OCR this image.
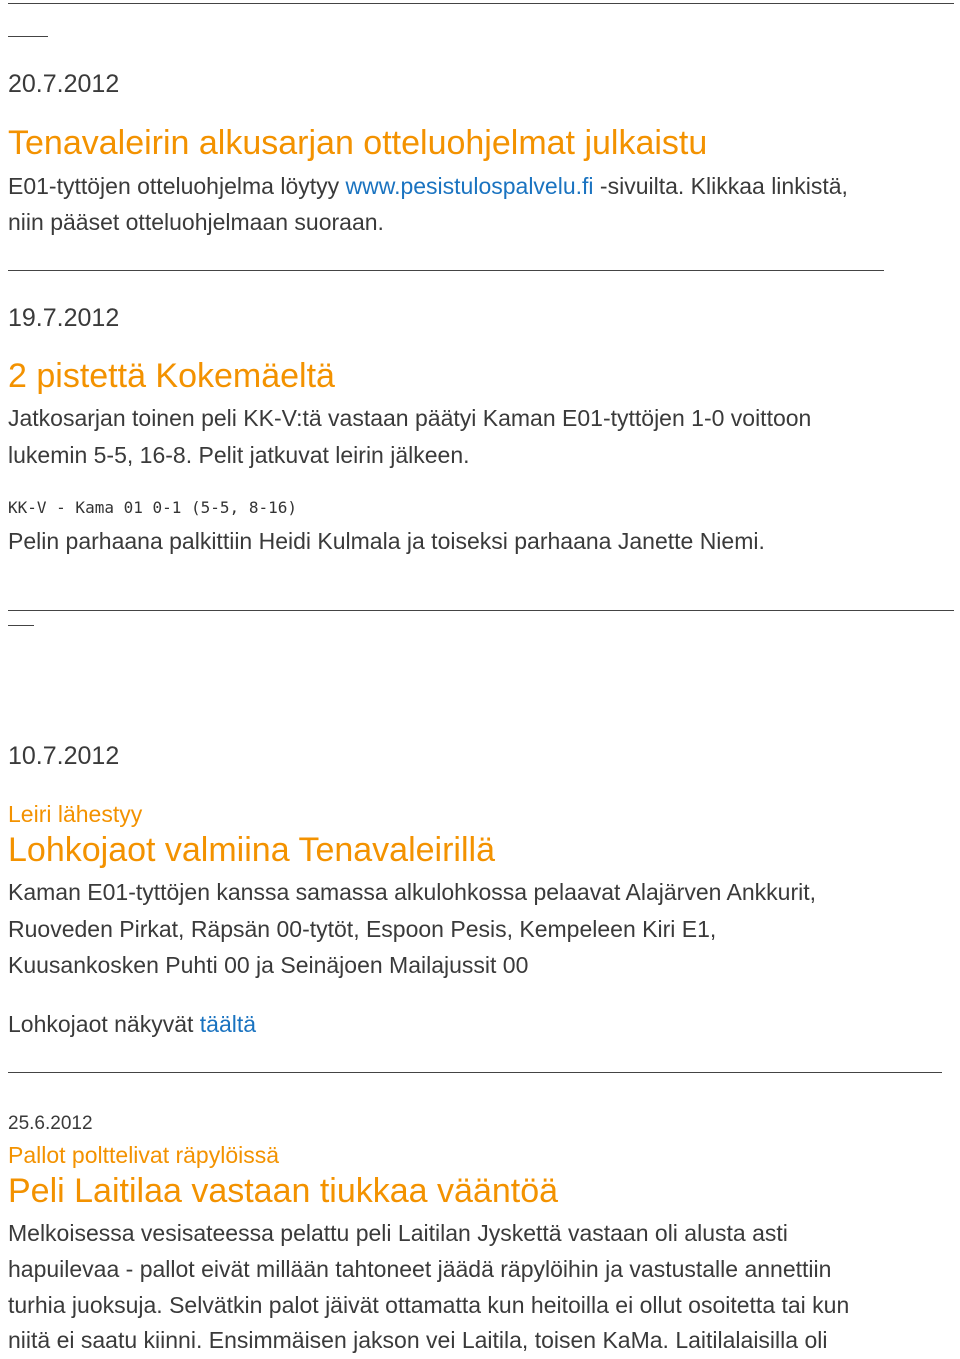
20.7.2012
Tenavaleirin alkusarjan otteluohjelmat julkaistu
E01-tyttöjen otteluohjelma löytyy www.pesistulospalvelu.fi -sivuilta. Klikkaa linkistä,
niin pääset otteluohjelmaan suoraan.
19.7.2012
2 pistettä Kokemäeltä
Jatkosarjan toinen peli KK-V:tä vastaan päätyi Kaman E01-tyttöjen 1-0 voittoon
lukemin 5-5, 16-8. Pelit jatkuvat leirin jälkeen.
KK-V - Kama 01 0-1 (5-5, 8-16)
Pelin parhaana palkittiin Heidi Kulmala ja toiseksi parhaana Janette Niemi.
10.7.2012
Leiri lähestyy
Lohkojaot valmiina Tenavaleirillä
Kaman E01-tyttöjen kanssa samassa alkulohkossa pelaavat Alajärven Ankkurit,
Ruoveden Pirkat, Räpsän 00-tytöt, Espoon Pesis, Kempeleen Kiri E1,
Kuusankosken Puhti 00 ja Seinäjoen Mailajussit 00
Lohkojaot näkyvät täältä
25.6.2012
Pallot polttelivat räpylöissä
Peli Laitilaa vastaan tiukkaa vääntöä
Melkoisessa vesisateessa pelattu peli Laitilan Jyskettä vastaan oli alusta asti
hapuilevaa - pallot eivät millään tahtoneet jäädä räpylöihin ja vastustalle annettiin
turhia juoksuja. Selvätkin palot jäivät ottamatta kun heitoilla ei ollut osoitetta tai kun
niitä ei saatu kiinni. Ensimmäisen jakson vei Laitila, toisen KaMa. Laitilalaisilla oli
